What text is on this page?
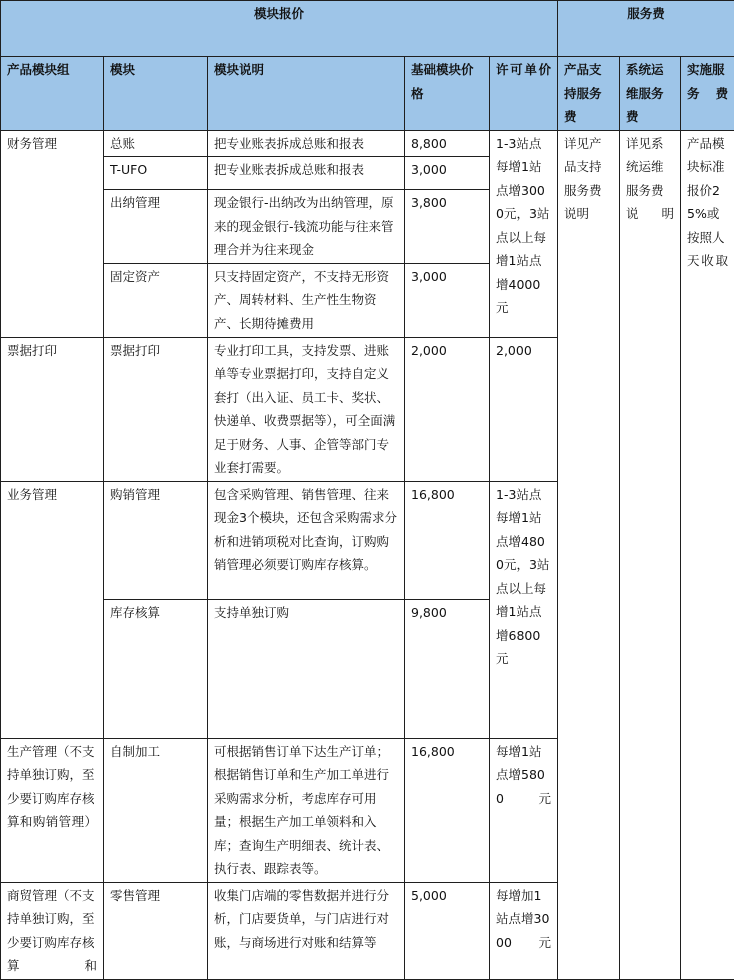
模块报价					服务费		
产品模块组	模块	模块说明	基础模块价格	许可单价	产品支持服务费	系统运维服务费	实施服务费
财务管理	总账	把专业账表拆成总账和报表	8,800	1-3站点每增1站点增3000元，3站点以上每增1站点增4000元	详见产品支持服务费说明	详见系统运维服务费说明	产品模块标准报价25%或按照人天收取
	T-UFO	把专业账表拆成总账和报表	3,000				
	出纳管理	现金银行-出纳改为出纳管理，原来的现金银行-钱流功能与往来管理合并为往来现金	3,800				
	固定资产	只支持固定资产，不支持无形资产、周转材料、生产性生物资产、长期待摊费用	3,000				
票据打印	票据打印	专业打印工具，支持发票、进账单等专业票据打印，支持自定义套打（出入证、员工卡、奖状、快递单、收费票据等），可全面满足于财务、人事、企管等部门专业套打需要。	2,000	2,000			
业务管理	购销管理	包含采购管理、销售管理、往来现金3个模块，还包含采购需求分析和进销项税对比查询，订购购销管理必须要订购库存核算。	16,800	1-3站点每增1站点增4800元，3站点以上每增1站点增6800元			
	库存核算	支持单独订购	9,800				
生产管理（不支持单独订购，至少要订购库存核算和购销管理）	自制加工	可根据销售订单下达生产订单；根据销售订单和生产加工单进行采购需求分析，考虑库存可用量；根据生产加工单领料和入库；查询生产明细表、统计表、执行表、跟踪表等。	16,800	每增1站点增5800元			
商贸管理（不支持单独订购，至少要订购库存核算和	零售管理	收集门店端的零售数据并进行分析，门店要货单，与门店进行对账，与商场进行对账和结算等	5,000	每增加1站点增3000元			
